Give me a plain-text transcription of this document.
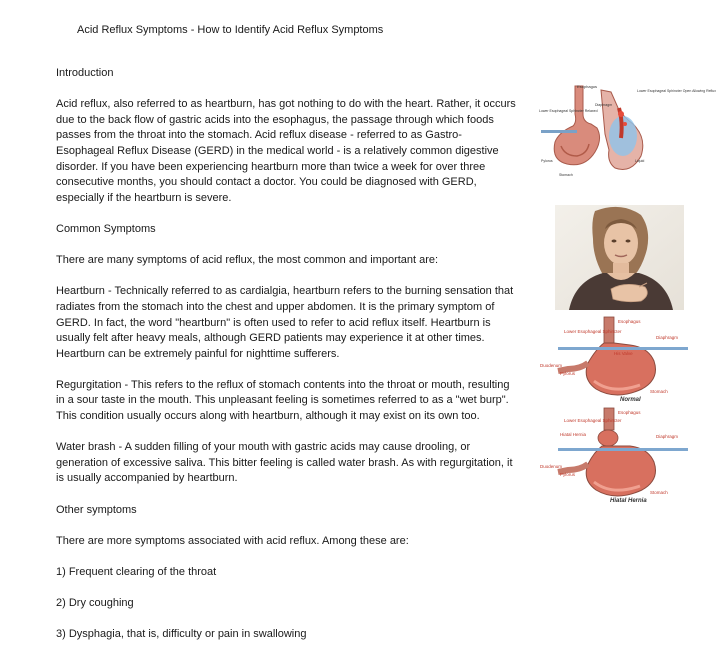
Acid Reflux Symptoms - How to Identify Acid Reflux Symptoms

Introduction

Acid reflux, also referred to as heartburn, has got nothing to do with the heart. Rather, it occurs due to the back flow of gastric acids into the esophagus, the passage through which foods passes from the throat into the stomach. Acid reflux disease - referred to as Gastro-Esophageal Reflux Disease (GERD) in the medical world - is a relatively common digestive disorder. If you have been experiencing heartburn more than twice a week for over three consecutive months, you should contact a doctor. You could be diagnosed with GERD, especially if the heartburn is severe.

Common Symptoms

There are many symptoms of acid reflux, the most common and important are:

Heartburn - Technically referred to as cardialgia, heartburn refers to the burning sensation that radiates from the stomach into the chest and upper abdomen. It is the primary symptom of GERD. In fact, the word "heartburn" is often used to refer to acid reflux itself. Heartburn is usually felt after heavy meals, although GERD patients may experience it at other times. Heartburn can be extremely painful for nighttime sufferers.

Regurgitation - This refers to the reflux of stomach contents into the throat or mouth, resulting in a sour taste in the mouth. This unpleasant feeling is sometimes referred to as a "wet burp". This condition usually occurs along with heartburn, although it may exist on its own too.

Water brash - A sudden filling of your mouth with gastric acids may cause drooling, or generation of excessive saliva. This bitter feeling is called water brash. As with regurgitation, it is usually accompanied by heartburn.

Other symptoms

There are more symptoms associated with acid reflux. Among these are:

1) Frequent clearing of the throat

2) Dry coughing

3) Dysphagia, that is, difficulty or pain in swallowing

Esophagus
Lower Esophageal Sphincter Relaxed
Lower Esophageal Sphincter Open Allowing Reflux
Diaphragm
Pylorus
Stomach
Liquid
Esophagus
Lower Esophageal Sphincter
Diaphragm
His Valve
Duodenum
Pylorus
Stomach
Normal
Esophagus
Lower Esophageal Sphincter
Hiatal Hernia	Diaphragm
Duodenum
Pylorus
Stomach
Hiatal Hernia
